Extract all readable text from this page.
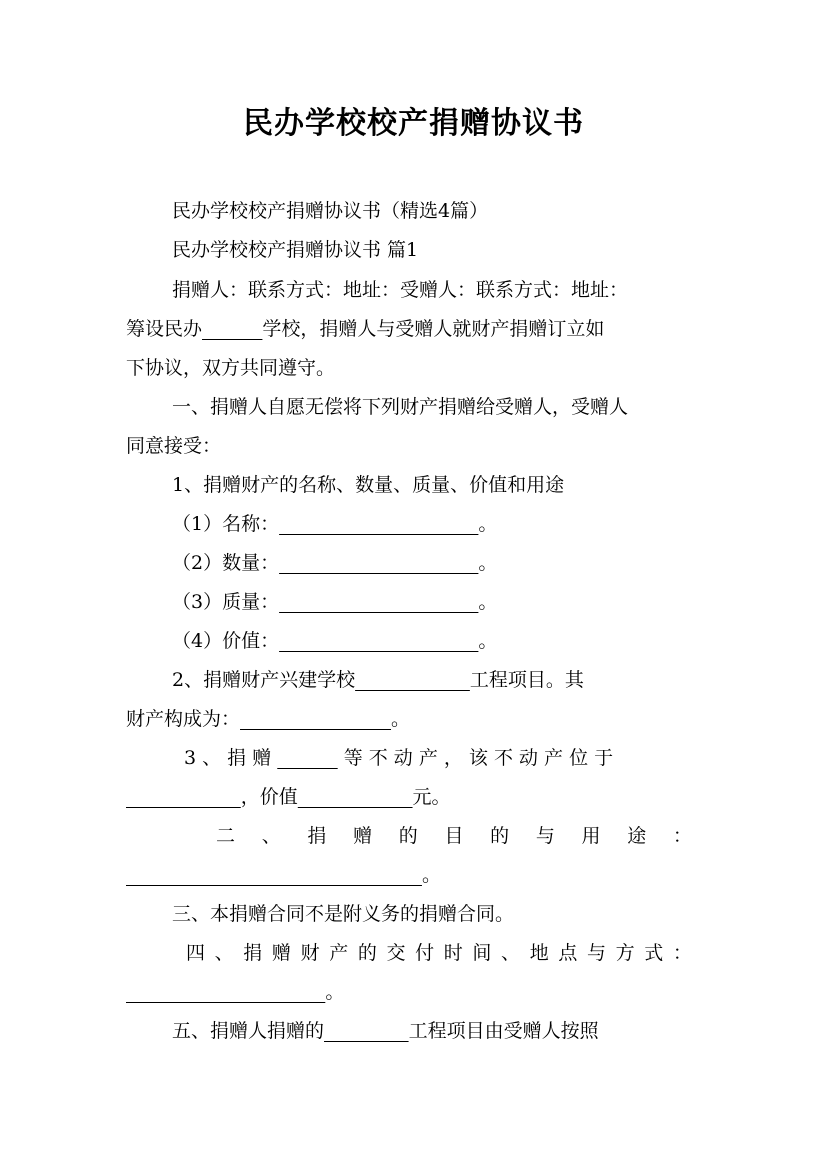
民办学校校产捐赠协议书

民办学校校产捐赠协议书（精选4篇）

民办学校校产捐赠协议书 篇1

捐赠人：联系方式：地址：受赠人：联系方式：地址：

筹设民办	学校，捐赠人与受赠人就财产捐赠订立如

下协议，双方共同遵守。

一、捐赠人自愿无偿将下列财产捐赠给受赠人，受赠人

同意接受：

1、捐赠财产的名称、数量、质量、价值和用途

（1）名称：	。

（2）数量：	。

（3）质量：	。

（4）价值：	。

2、捐赠财产兴建学校	工程项目。其

财产构成为：	。

3 、 捐 赠	等 不 动 产 ， 该 不 动 产 位 于

，价值	元。

二 、 捐 赠 的 目 的 与 用 途 ：

。

三、本捐赠合同不是附义务的捐赠合同。

四 、 捐 赠 财 产 的 交 付 时 间 、 地 点 与 方 式 ：

。

五、捐赠人捐赠的	工程项目由受赠人按照
